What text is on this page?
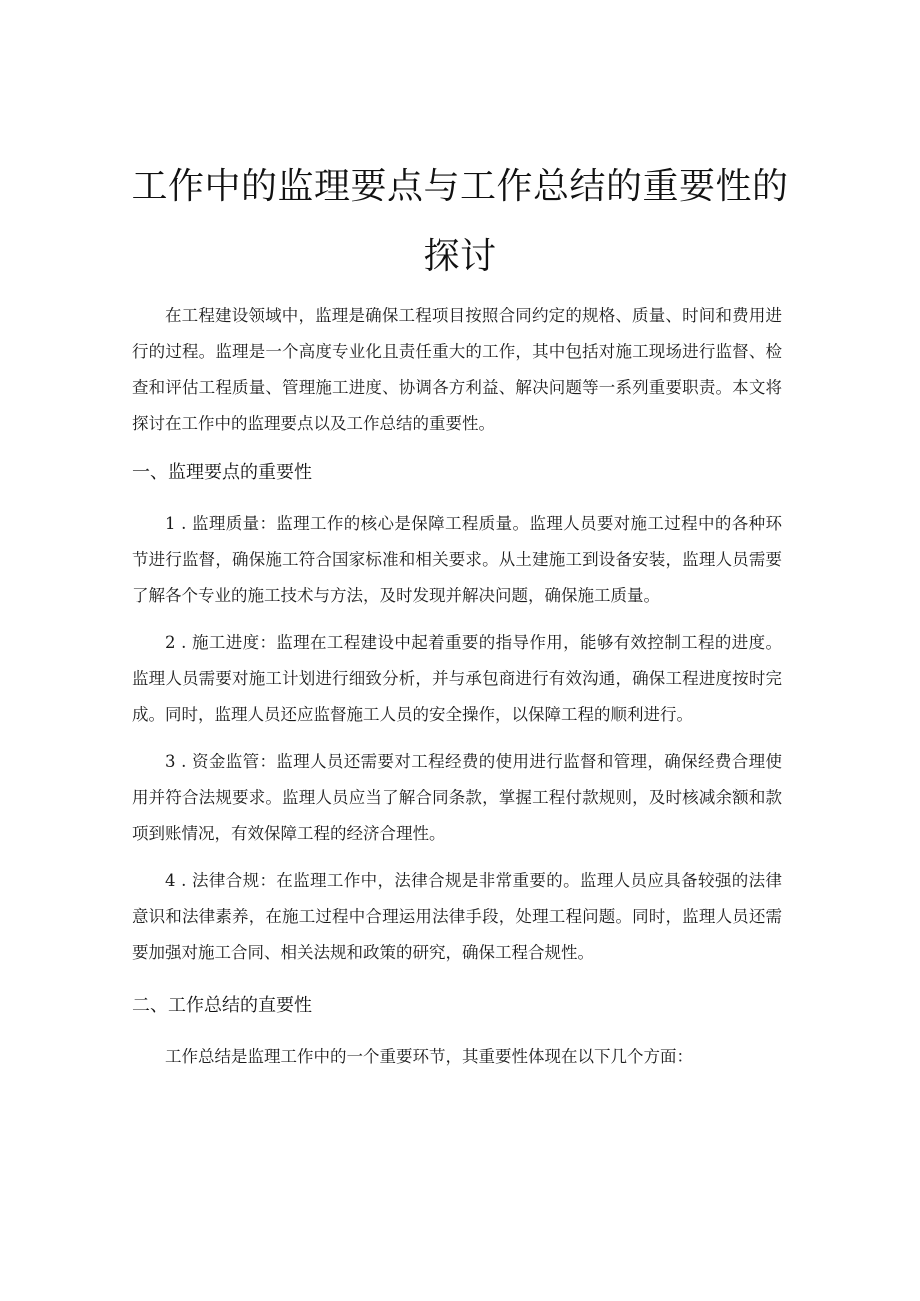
工作中的监理要点与工作总结的重要性的探讨

在工程建设领域中，监理是确保工程项目按照合同约定的规格、质量、时间和费用进行的过程。监理是一个高度专业化且责任重大的工作，其中包括对施工现场进行监督、检查和评估工程质量、管理施工进度、协调各方利益、解决问题等一系列重要职责。本文将探讨在工作中的监理要点以及工作总结的重要性。

一、监理要点的重要性

1 . 监理质量：监理工作的核心是保障工程质量。监理人员要对施工过程中的各种环节进行监督，确保施工符合国家标准和相关要求。从土建施工到设备安装，监理人员需要了解各个专业的施工技术与方法，及时发现并解决问题，确保施工质量。

2 . 施工进度：监理在工程建设中起着重要的指导作用，能够有效控制工程的进度。监理人员需要对施工计划进行细致分析，并与承包商进行有效沟通，确保工程进度按时完成。同时，监理人员还应监督施工人员的安全操作，以保障工程的顺利进行。

3 . 资金监管：监理人员还需要对工程经费的使用进行监督和管理，确保经费合理使用并符合法规要求。监理人员应当了解合同条款，掌握工程付款规则，及时核减余额和款项到账情况，有效保障工程的经济合理性。

4 . 法律合规：在监理工作中，法律合规是非常重要的。监理人员应具备较强的法律意识和法律素养，在施工过程中合理运用法律手段，处理工程问题。同时，监理人员还需要加强对施工合同、相关法规和政策的研究，确保工程合规性。

二、工作总结的直要性

工作总结是监理工作中的一个重要环节，其重要性体现在以下几个方面：
